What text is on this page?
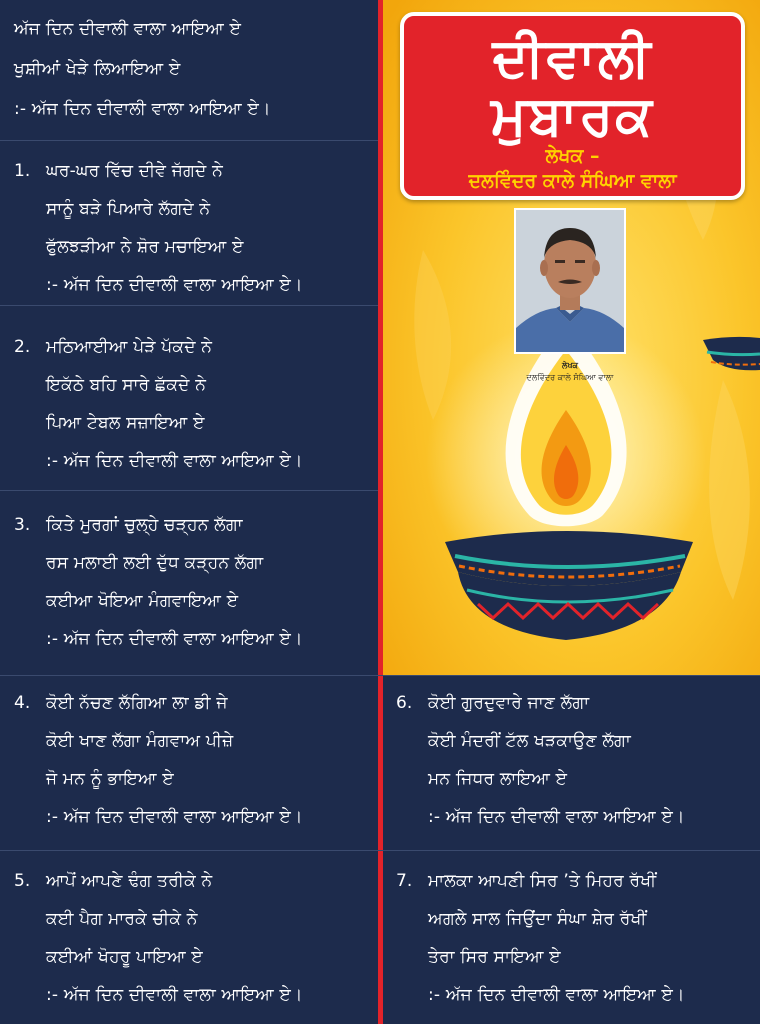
ਦੀਵਾਲੀ
ਮੁਬਾਰਕ
ਲੇਖਕ –
ਦਲਵਿੰਦਰ ਕਾਲੇ ਸੰਘਿਆ ਵਾਲਾ
ਲੇਖਕ
ਦਲਵਿੰਦਰ ਕਾਲੇ ਸੰਘਿਆ ਵਾਲਾ
ਅੱਜ ਦਿਨ ਦੀਵਾਲੀ ਵਾਲਾ ਆਇਆ ਏ
ਖੁਸ਼ੀਆਂ ਖੇੜੇ ਲਿਆਇਆ ਏ
:- ਅੱਜ ਦਿਨ ਦੀਵਾਲੀ ਵਾਲਾ ਆਇਆ ਏ।
1. ਘਰ-ਘਰ ਵਿੱਚ ਦੀਵੇ ਜੱਗਦੇ ਨੇ
ਸਾਨੂੰ ਬੜੇ ਪਿਆਰੇ ਲੱਗਦੇ ਨੇ
ਫੁੱਲਝੜੀਆ ਨੇ ਸ਼ੋਰ ਮਚਾਇਆ ਏ
:- ਅੱਜ ਦਿਨ ਦੀਵਾਲੀ ਵਾਲਾ ਆਇਆ ਏ।
2. ਮਠਿਆਈਆ ਪੇੜੇ ਪੱਕਦੇ ਨੇ
ਇਕੱਠੇ ਬਹਿ ਸਾਰੇ ਛੱਕਦੇ ਨੇ
ਪਿਆ ਟੇਬਲ ਸਜ਼ਾਇਆ ਏ
:- ਅੱਜ ਦਿਨ ਦੀਵਾਲੀ ਵਾਲਾ ਆਇਆ ਏ।
3. ਕਿਤੇ ਮੁਰਗਾਂ ਚੁਲ੍ਹੇ ਚੜ੍ਹਨ ਲੱਗਾ
ਰਸ ਮਲਾਈ ਲਈ ਦੁੱਧ ਕੜ੍ਹਨ ਲੱਗਾ
ਕਈਆ ਖੋਇਆ ਮੰਗਵਾਇਆ ਏ
:- ਅੱਜ ਦਿਨ ਦੀਵਾਲੀ ਵਾਲਾ ਆਇਆ ਏ।
4. ਕੋਈ ਨੱਚਣ ਲੱਗਿਆ ਲਾ ਡੀ ਜੇ
ਕੋਈ ਖਾਣ ਲੱਗਾ ਮੰਗਵਾਅ ਪੀਜ਼ੇ
ਜੋ ਮਨ ਨੂੰ ਭਾਇਆ ਏ
:- ਅੱਜ ਦਿਨ ਦੀਵਾਲੀ ਵਾਲਾ ਆਇਆ ਏ।
5. ਆਪੋਂ ਆਪਣੇ ਢੰਗ ਤਰੀਕੇ ਨੇ
ਕਈ ਪੈਗ ਮਾਰਕੇ ਚੀਕੇ ਨੇ
ਕਈਆਂ ਖੋਹਰੂ ਪਾਇਆ ਏ
:- ਅੱਜ ਦਿਨ ਦੀਵਾਲੀ ਵਾਲਾ ਆਇਆ ਏ।
6. ਕੋਈ ਗੁਰਦੁਵਾਰੇ ਜਾਣ ਲੱਗਾ
ਕੋਈ ਮੰਦਰੀਂ ਟੱਲ ਖੜਕਾਉਣ ਲੱਗਾ
ਮਨ ਜਿਧਰ ਲਾਇਆ ਏ
:- ਅੱਜ ਦਿਨ ਦੀਵਾਲੀ ਵਾਲਾ ਆਇਆ ਏ।
7. ਮਾਲਕਾ ਆਪਣੀ ਸਿਰ ’ਤੇ ਮਿਹਰ ਰੱਖੀਂ
ਅਗਲੇ ਸਾਲ ਜਿਉਂਦਾ ਸੰਘਾ ਸ਼ੇਰ ਰੱਖੀਂ
ਤੇਰਾ ਸਿਰ ਸਾਇਆ ਏ
:- ਅੱਜ ਦਿਨ ਦੀਵਾਲੀ ਵਾਲਾ ਆਇਆ ਏ।
